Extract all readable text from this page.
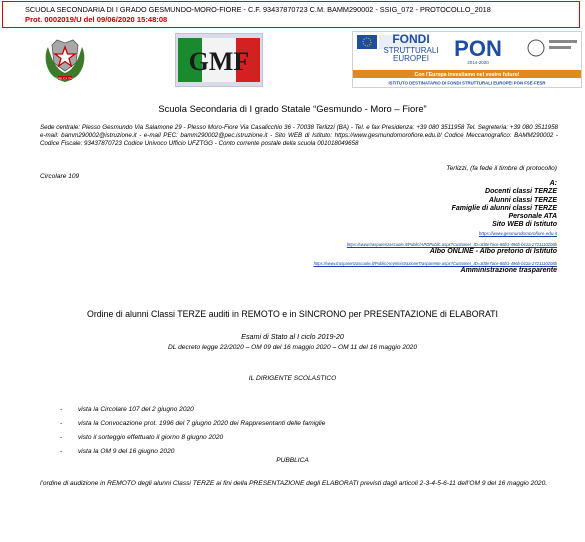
SCUOLA SECONDARIA DI I GRADO GESMUNDO-MORO-FIORE - C.F. 93437870723 C.M. BAMM290002 - SSIG_072 - PROTOCOLLO_2018
Prot. 0002019/U del 09/06/2020 15:48:08
REPVBBLICA ITALIANA
GMF
FONDI
STRUTTURALI
EUROPEI PON
2014-2020
Con l'Europa investiamo nel vostro futuro!
ISTITUTO DESTINATARIO DI FONDI STRUTTURALI EUROPEI PON FSE-FESR
Scuola Secondaria di I grado Statale “Gesmundo - Moro – Fiore”
Sede centrale: Plesso Gesmundo Via Salamone 29 - Plesso Moro-Fiore Via Casalicchio 36 - 70038 Terlizzi (BA) - Tel. e fax Presidenza: +39 080 3511958 Tel. Segreteria: +39 080 3511958 e-mail: bamm290002@istruzione.it - e-mail PEC: bamm290002@pec.istruzione.it - Sito WEB di Istituto: https://www.gesmundomorofiore.edu.it/ Codice Meccanografico: BAMM290002 - Codice Fiscale: 93437870723 Codice Univoco Ufficio UFZTGG - Conto corrente postale della scuola 001018049658
Terlizzi, (fa fede il timbre di protocollo)
Circolare 109
A:
Docenti classi TERZE
Alunni classi TERZE
Famiglie di alunni classi TERZE
Personale ATA
Sito WEB di Istituto
https://www.gesmundomorofiore.edu.it
https://www.trasparenzascuole.it/Public/APDPublic.aspx?Customer_ID=3d0e7ace-86b1-496b-b12a-2721110208b
Albo ONLINE - Albo pretorio di Istituto
https://www.trasparenzascuole.it/Public/AmministrazioneTrasparente.aspx?Customer_ID=3d0e7ace-86b1-496b-b12a-2721110208b
Amministrazione trasparente
Ordine di alunni Classi TERZE auditi in REMOTO e in SINCRONO per PRESENTAZIONE di ELABORATI
Esami di Stato al I ciclo 2019-20
DL decreto legge 22/2020 – OM 09 del 16 maggio 2020 – OM 11 del 16 maggio 2020
IL DIRIGENTE SCOLASTICO
-	vista la Circolare 107 del 2 giugno 2020
-	vista la Convocazione prot. 1996 del 7 giugno 2020 dei Rappresentanti delle famiglie
-	visto il sorteggio effettuato il giorno 8 giugno 2020
-	vista la OM 9 del 16 giugno 2020
PUBBLICA
l’ordine di audizione in REMOTO degli alunni Classi TERZE ai fini della PRESENTAZIONE degli ELABORATI previsti dagli articoli 2-3-4-5-6-11 dell’OM 9 del 16 maggio 2020.
